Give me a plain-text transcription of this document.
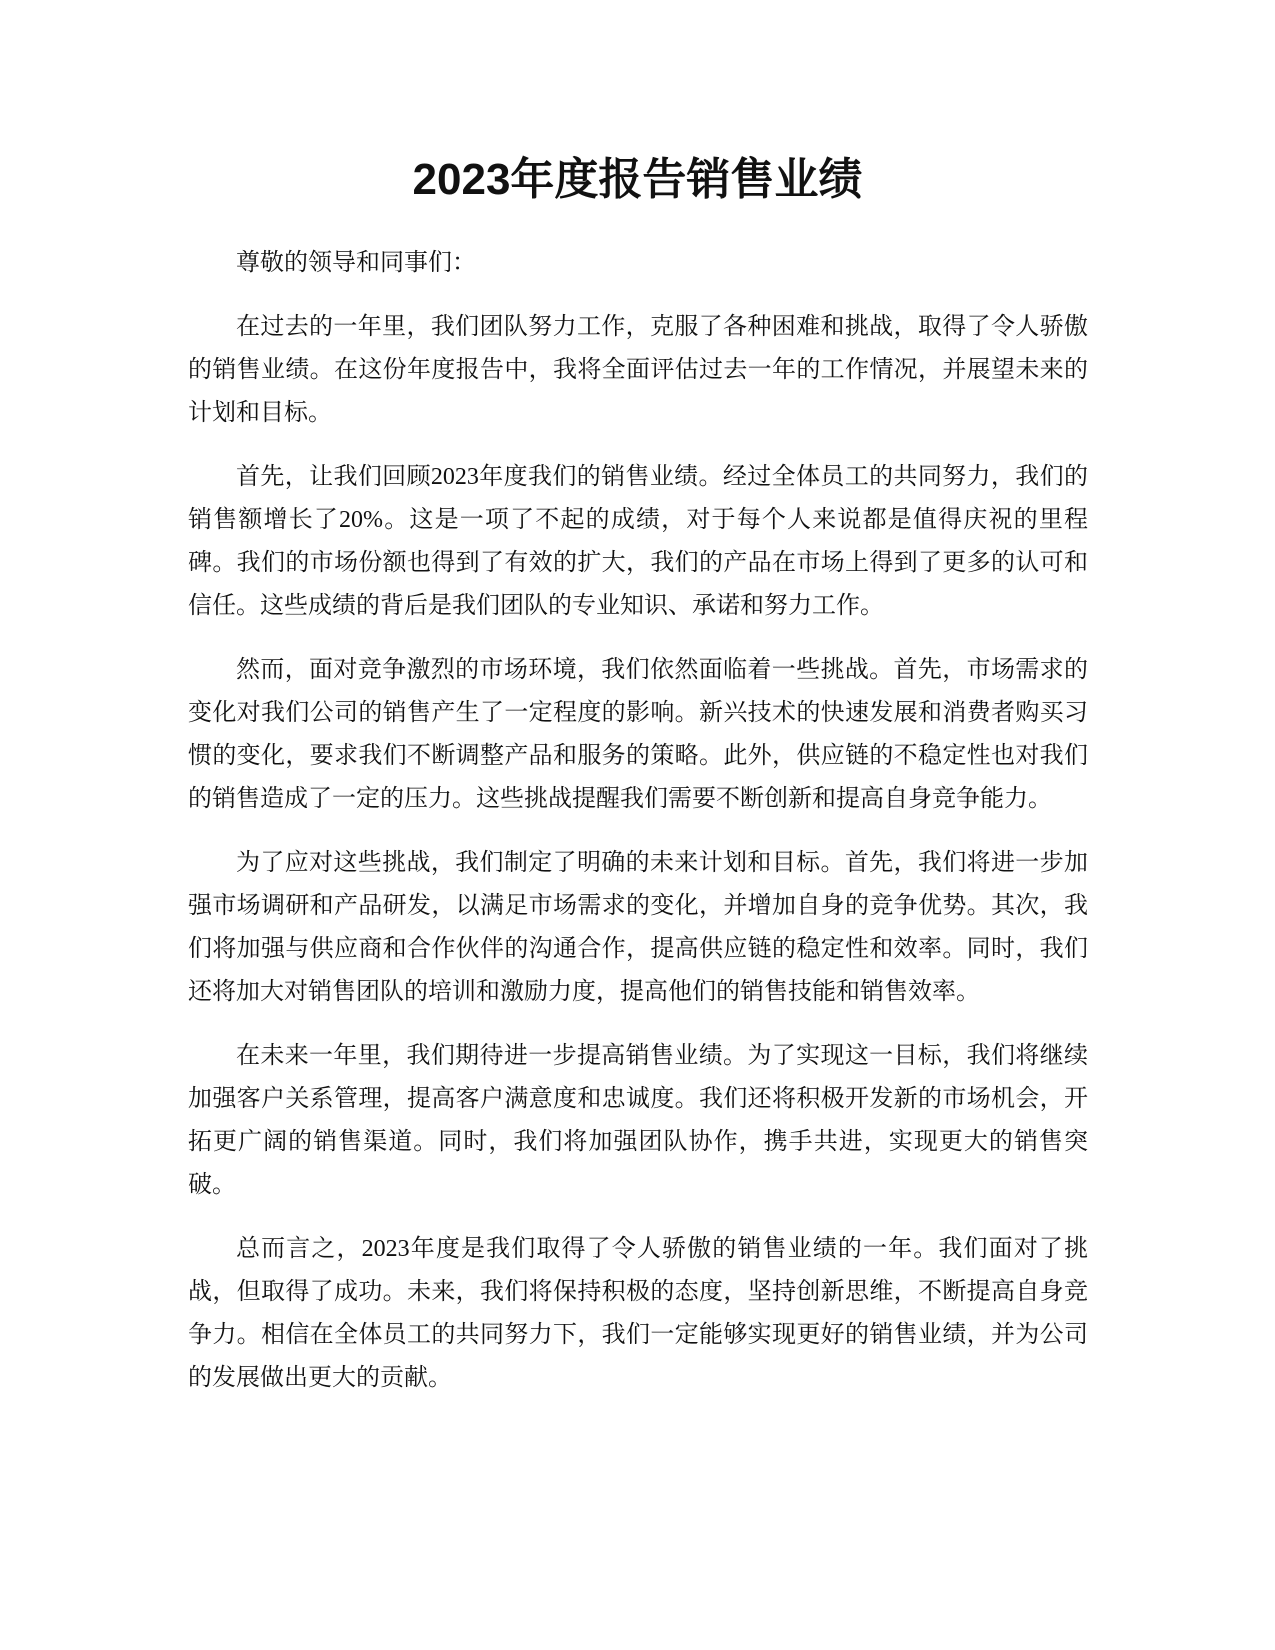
2023年度报告销售业绩

尊敬的领导和同事们：

在过去的一年里，我们团队努力工作，克服了各种困难和挑战，取得了令人骄傲的销售业绩。在这份年度报告中，我将全面评估过去一年的工作情况，并展望未来的计划和目标。

首先，让我们回顾2023年度我们的销售业绩。经过全体员工的共同努力，我们的销售额增长了20%。这是一项了不起的成绩，对于每个人来说都是值得庆祝的里程碑。我们的市场份额也得到了有效的扩大，我们的产品在市场上得到了更多的认可和信任。这些成绩的背后是我们团队的专业知识、承诺和努力工作。

然而，面对竞争激烈的市场环境，我们依然面临着一些挑战。首先，市场需求的变化对我们公司的销售产生了一定程度的影响。新兴技术的快速发展和消费者购买习惯的变化，要求我们不断调整产品和服务的策略。此外，供应链的不稳定性也对我们的销售造成了一定的压力。这些挑战提醒我们需要不断创新和提高自身竞争能力。

为了应对这些挑战，我们制定了明确的未来计划和目标。首先，我们将进一步加强市场调研和产品研发，以满足市场需求的变化，并增加自身的竞争优势。其次，我们将加强与供应商和合作伙伴的沟通合作，提高供应链的稳定性和效率。同时，我们还将加大对销售团队的培训和激励力度，提高他们的销售技能和销售效率。

在未来一年里，我们期待进一步提高销售业绩。为了实现这一目标，我们将继续加强客户关系管理，提高客户满意度和忠诚度。我们还将积极开发新的市场机会，开拓更广阔的销售渠道。同时，我们将加强团队协作，携手共进，实现更大的销售突破。

总而言之，2023年度是我们取得了令人骄傲的销售业绩的一年。我们面对了挑战，但取得了成功。未来，我们将保持积极的态度，坚持创新思维，不断提高自身竞争力。相信在全体员工的共同努力下，我们一定能够实现更好的销售业绩，并为公司的发展做出更大的贡献。
